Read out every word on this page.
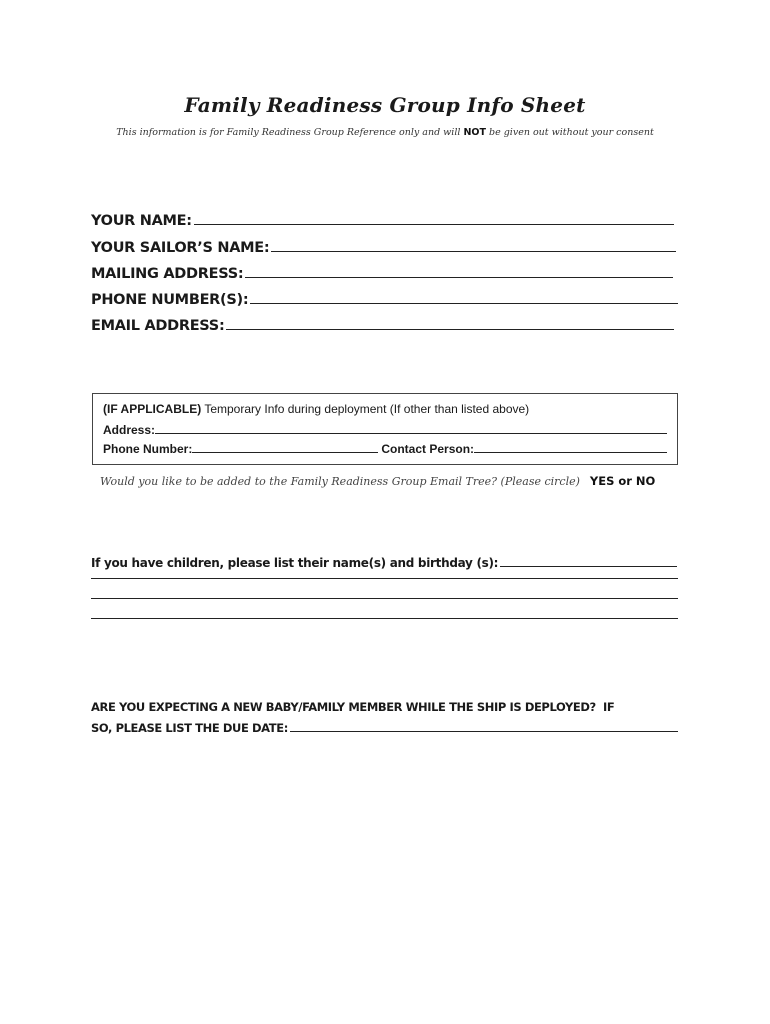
Family Readiness Group Info Sheet
This information is for Family Readiness Group Reference only and will NOT be given out without your consent
YOUR NAME:
YOUR SAILOR’S NAME:
MAILING ADDRESS:
PHONE NUMBER(S):
EMAIL ADDRESS:
(IF APPLICABLE) Temporary Info during deployment (If other than listed above)
Address:
Phone Number:	Contact Person:
Would you like to be added to the Family Readiness Group Email Tree? (Please circle) YES or NO
If you have children, please list their name(s) and birthday (s):
ARE YOU EXPECTING A NEW BABY/FAMILY MEMBER WHILE THE SHIP IS DEPLOYED?  IF
SO, PLEASE LIST THE DUE DATE:
